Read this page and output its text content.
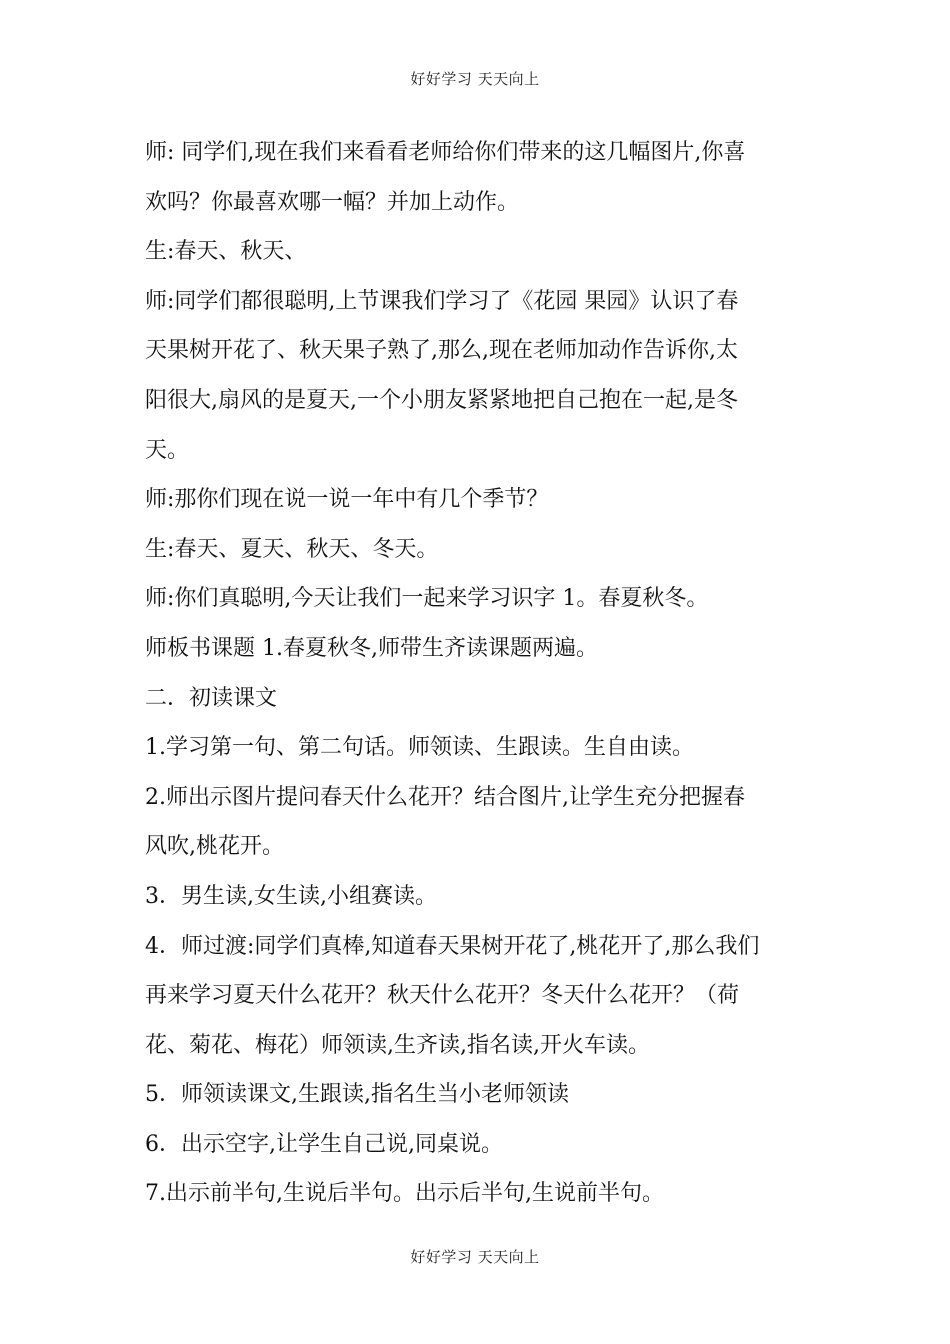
好好学习 天天向上
师: 同学们,现在我们来看看老师给你们带来的这几幅图片,你喜
欢吗？你最喜欢哪一幅？并加上动作。
生:春天、秋天、
师:同学们都很聪明,上节课我们学习了《花园 果园》认识了春
天果树开花了、秋天果子熟了,那么,现在老师加动作告诉你,太
阳很大,扇风的是夏天,一个小朋友紧紧地把自己抱在一起,是冬
天。
师:那你们现在说一说一年中有几个季节？
生:春天、夏天、秋天、冬天。
师:你们真聪明,今天让我们一起来学习识字 1。春夏秋冬。
师板书课题 1.春夏秋冬,师带生齐读课题两遍。
二．初读课文
1.学习第一句、第二句话。师领读、生跟读。生自由读。
2.师出示图片提问春天什么花开？结合图片,让学生充分把握春
风吹,桃花开。
3．男生读,女生读,小组赛读。
4．师过渡:同学们真棒,知道春天果树开花了,桃花开了,那么我们
再来学习夏天什么花开？秋天什么花开？冬天什么花开？（荷
花、菊花、梅花）师领读,生齐读,指名读,开火车读。
5．师领读课文,生跟读,指名生当小老师领读
6．出示空字,让学生自己说,同桌说。
7.出示前半句,生说后半句。出示后半句,生说前半句。
好好学习 天天向上
